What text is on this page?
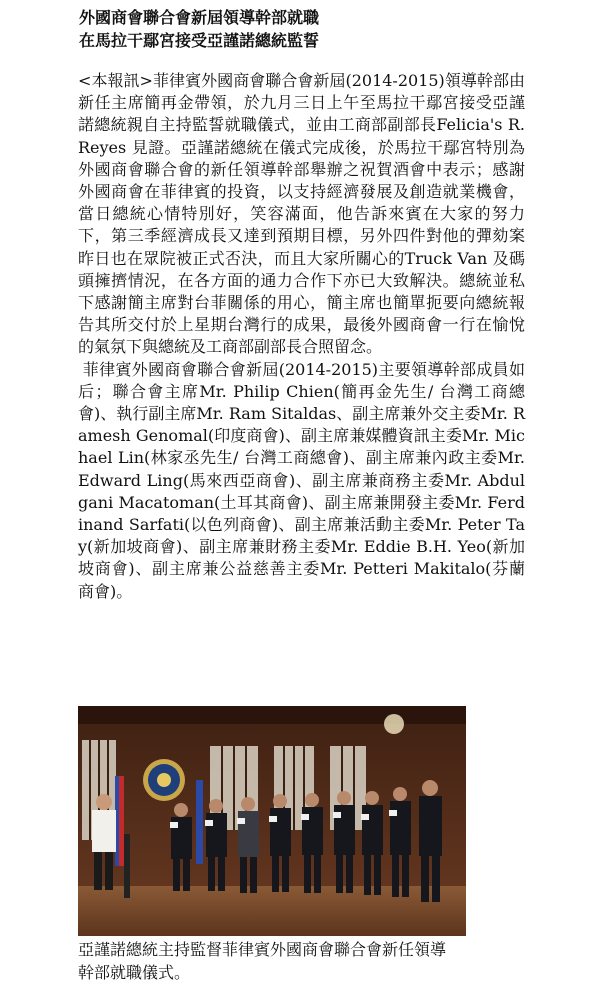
外國商會聯合會新屆領導幹部就職
在馬拉干鄢宮接受亞謹諾總統監誓

<本報訊>菲律賓外國商會聯合會新屆(2014-2015)領導幹部由新任主席簡再金帶領，於九月三日上午至馬拉干鄢宮接受亞謹諾總統親自主持監誓就職儀式，並由工商部副部長Felicia's R. Reyes 見證。亞謹諾總統在儀式完成後，於馬拉干鄢宮特別為外國商會聯合會的新任領導幹部舉辦之祝賀酒會中表示；感謝外國商會在菲律賓的投資，以支持經濟發展及創造就業機會，當日總統心情特別好，笑容滿面，他告訴來賓在大家的努力下，第三季經濟成長又達到預期目標，另外四件對他的彈劾案昨日也在眾院被正式否決，而且大家所關心的Truck Van 及碼頭擁擠情況，在各方面的通力合作下亦已大致解決。總統並私下感謝簡主席對台菲關係的用心，簡主席也簡單扼要向總統報告其所交付於上星期台灣行的成果，最後外國商會一行在愉悅的氣氛下與總統及工商部副部長合照留念。

菲律賓外國商會聯合會新屆(2014-2015)主要領導幹部成員如后；聯合會主席Mr. Philip Chien(簡再金先生/ 台灣工商總會)、執行副主席Mr. Ram Sitaldas、副主席兼外交主委Mr. Ramesh Genomal(印度商會)、副主席兼媒體資訊主委Mr. Michael Lin(林家丞先生/ 台灣工商總會)、副主席兼內政主委Mr. Edward Ling(馬來西亞商會)、副主席兼商務主委Mr. Abdulgani Macatoman(土耳其商會)、副主席兼開發主委Mr. Ferdinand Sarfati(以色列商會)、副主席兼活動主委Mr. Peter Tay(新加坡商會)、副主席兼財務主委Mr. Eddie B.H. Yeo(新加坡商會)、副主席兼公益慈善主委Mr. Petteri Makitalo(芬蘭商會)。

亞謹諾總統主持監督菲律賓外國商會聯合會新任領導
幹部就職儀式。
